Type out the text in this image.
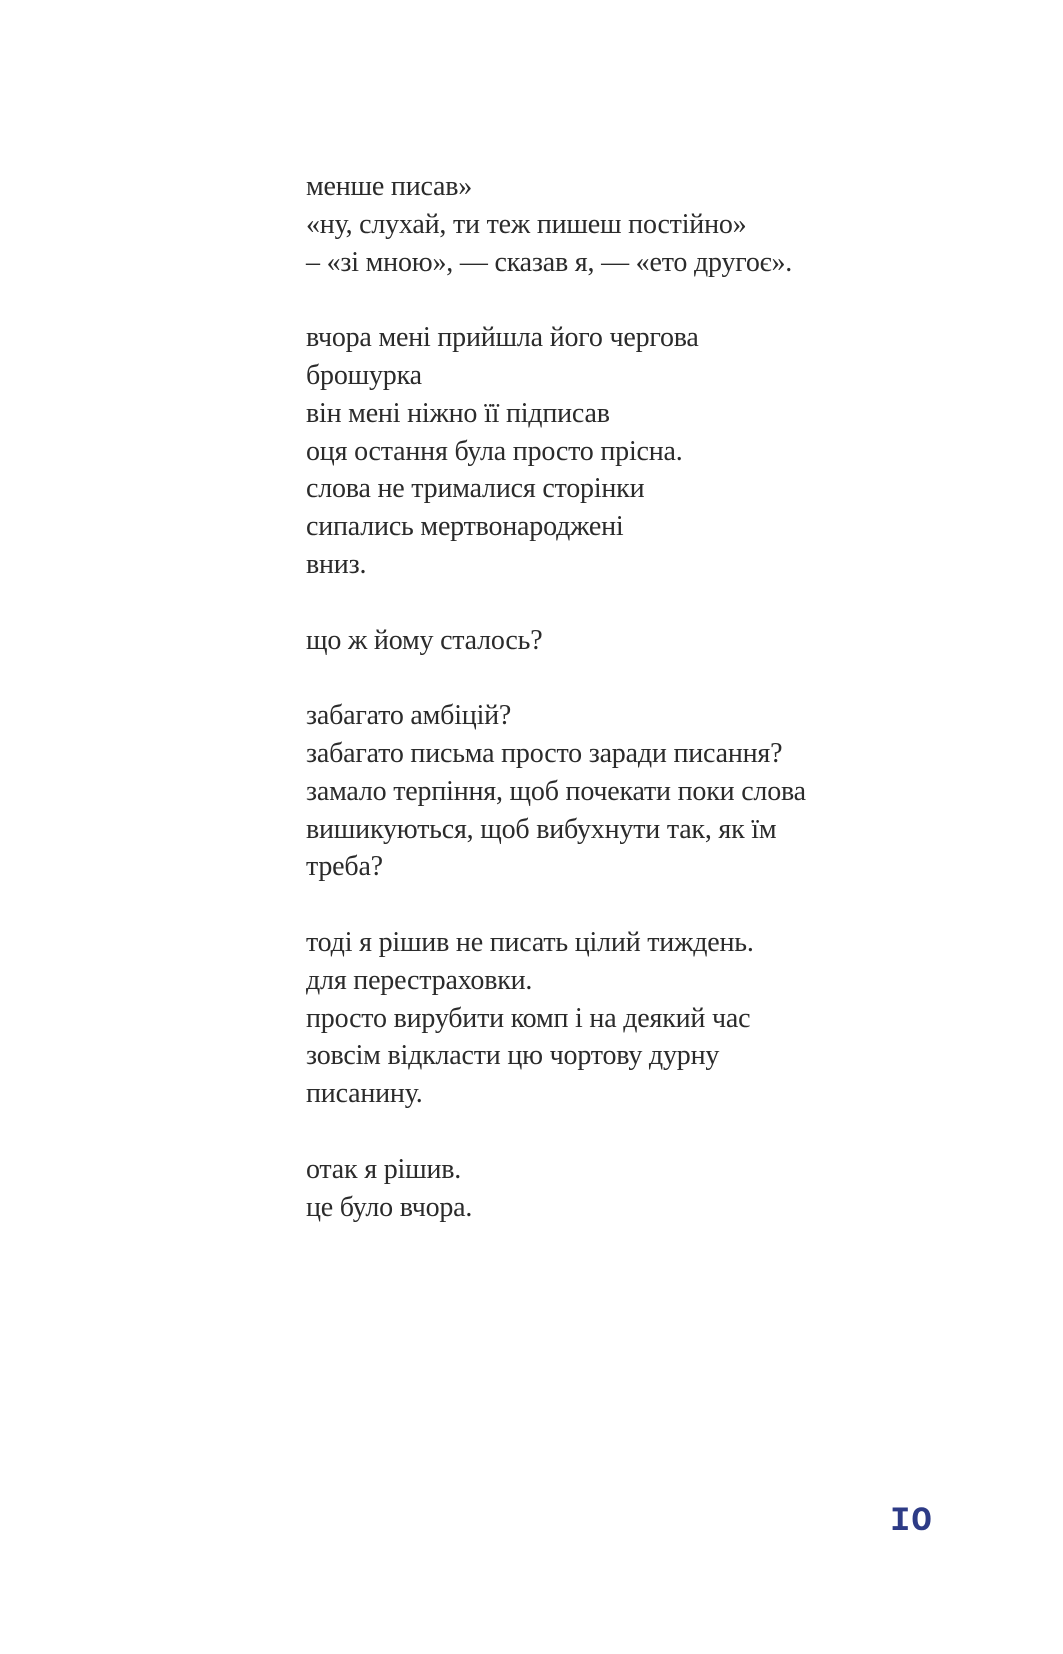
менше писав»
«ну, слухай, ти теж пишеш постійно»
– «зі мною», — сказав я, — «ето другоє».
вчора мені прийшла його чергова
брошурка
він мені ніжно її підписав
оця остання була просто прісна.
слова не трималися сторінки
сипались мертвонароджені
вниз.
що ж йому сталось?
забагато амбіцій?
забагато письма просто заради писання?
замало терпіння, щоб почекати поки слова
вишикуються, щоб вибухнути так, як їм
треба?
тоді я рішив не писать цілий тиждень.
для перестраховки.
просто вирубити комп і на деякий час
зовсім відкласти цю чортову дурну
писанину.
отак я рішив.
це було вчора.
IO
